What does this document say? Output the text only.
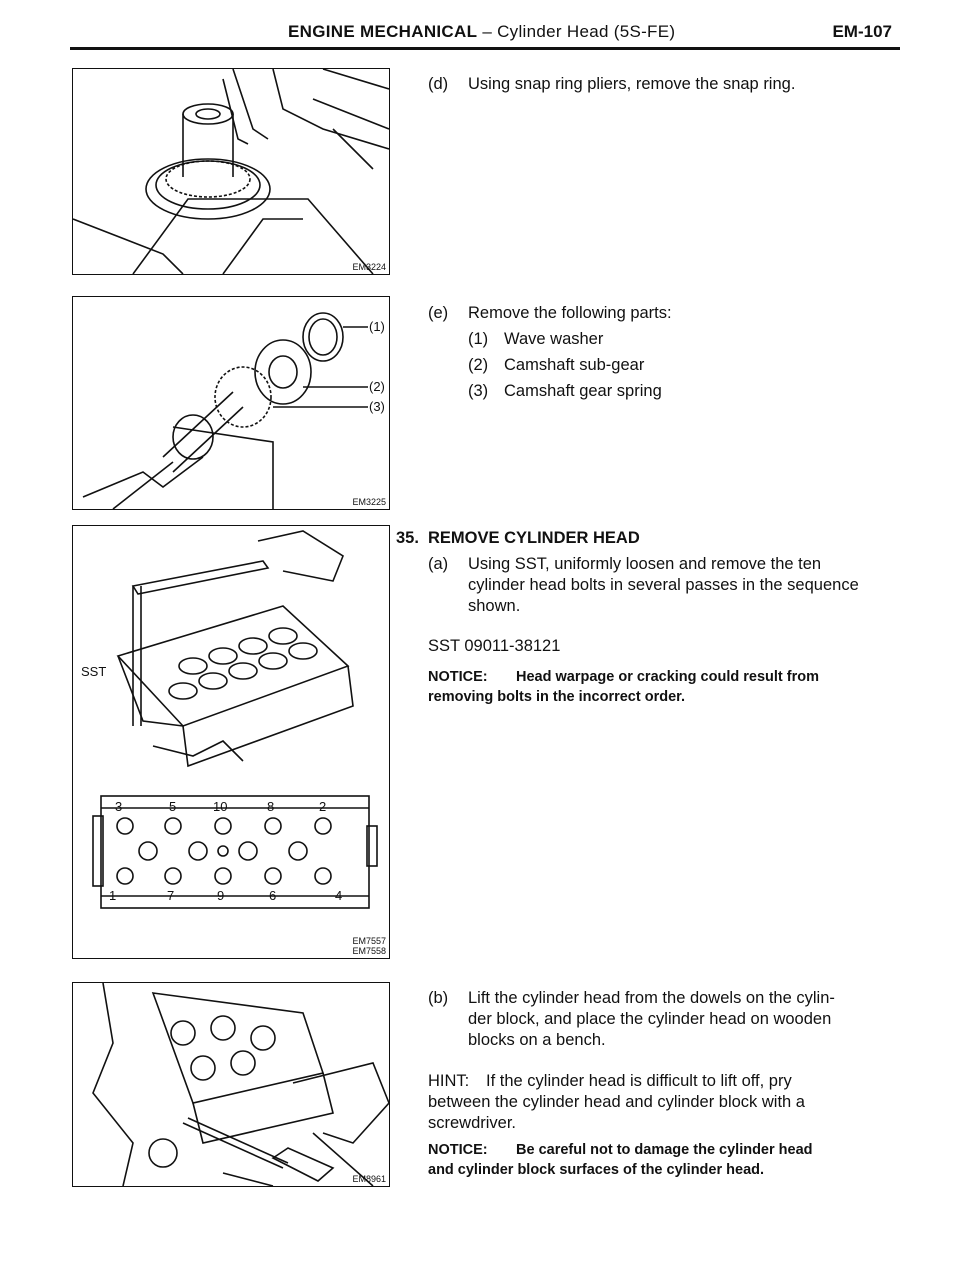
ENGINE MECHANICAL – Cylinder Head (5S-FE)	EM-107
EM3224
(1)
(2)
(3)
EM3225
SST
3	5	10	8	2
1	7	9	6	4
EM7557
EM7558
EM8961
(d) Using snap ring pliers, remove the snap ring.
(e) Remove the following parts:
(1) Wave washer
(2) Camshaft sub-gear
(3) Camshaft gear spring
35. REMOVE CYLINDER HEAD
(a) Using SST, uniformly loosen and remove the ten
cylinder head bolts in several passes in the sequence
shown.
SST 09011-38121
NOTICE: Head warpage or cracking could result from
removing bolts in the incorrect order.
(b) Lift the cylinder head from the dowels on the cylin-
der block, and place the cylinder head on wooden
blocks on a bench.
HINT: If the cylinder head is difficult to lift off, pry
between the cylinder head and cylinder block with a
screwdriver.
NOTICE: Be careful not to damage the cylinder head
and cylinder block surfaces of the cylinder head.
